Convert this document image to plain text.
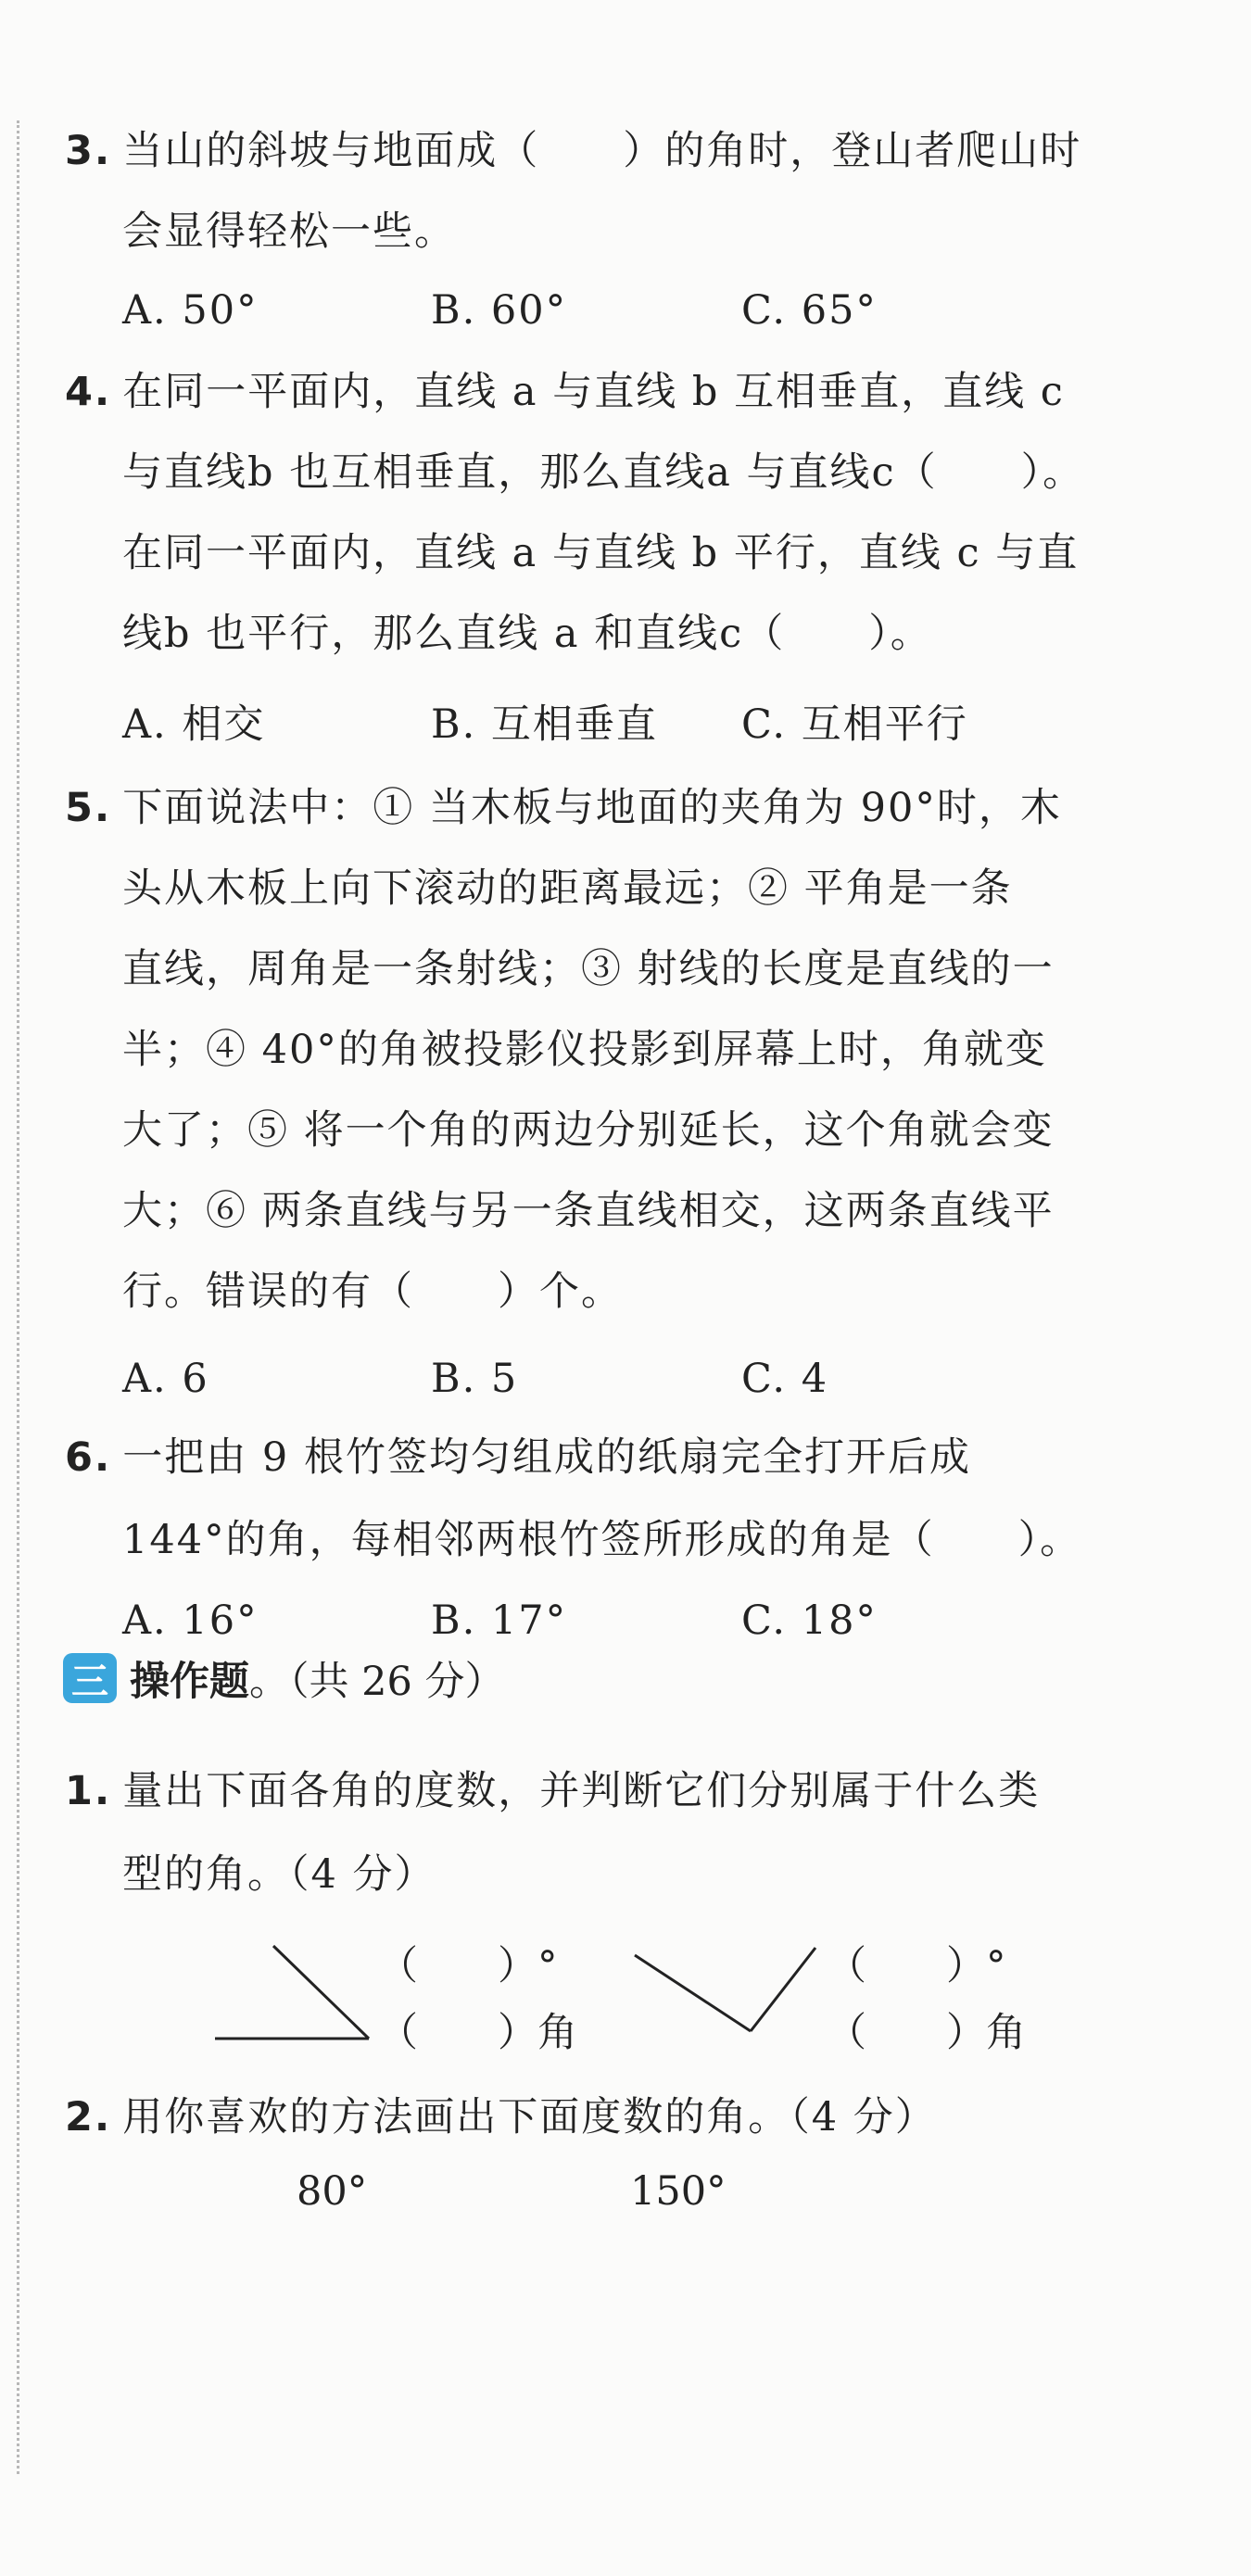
3. 当山的斜坡与地面成（　　）的角时，登山者爬山时
会显得轻松一些。
A. 50°	B. 60°	C. 65°
4. 在同一平面内，直线 a 与直线 b 互相垂直，直线 c
与直线b 也互相垂直，那么直线a 与直线c（　　）。
在同一平面内，直线 a 与直线 b 平行，直线 c 与直
线b 也平行，那么直线 a 和直线c（　　）。
A. 相交	B. 互相垂直 C. 互相平行
5. 下面说法中：① 当木板与地面的夹角为 90°时，木
头从木板上向下滚动的距离最远；② 平角是一条
直线，周角是一条射线；③ 射线的长度是直线的一
半；④ 40°的角被投影仪投影到屏幕上时，角就变
大了；⑤ 将一个角的两边分别延长，这个角就会变
大；⑥ 两条直线与另一条直线相交，这两条直线平
行。错误的有（　　）个。
A. 6	B. 5	C. 4
6. 一把由 9 根竹签均匀组成的纸扇完全打开后成
144°的角，每相邻两根竹签所形成的角是（　　）。
A. 16°	B. 17°	C. 18°
三 操作题 。（共 26 分）
1. 量出下面各角的度数，并判断它们分别属于什么类
型的角。（4 分）
（　　）°
（　　）角
（　　）°
（　　）角
2. 用你喜欢的方法画出下面度数的角。（4 分）
80°	150°
